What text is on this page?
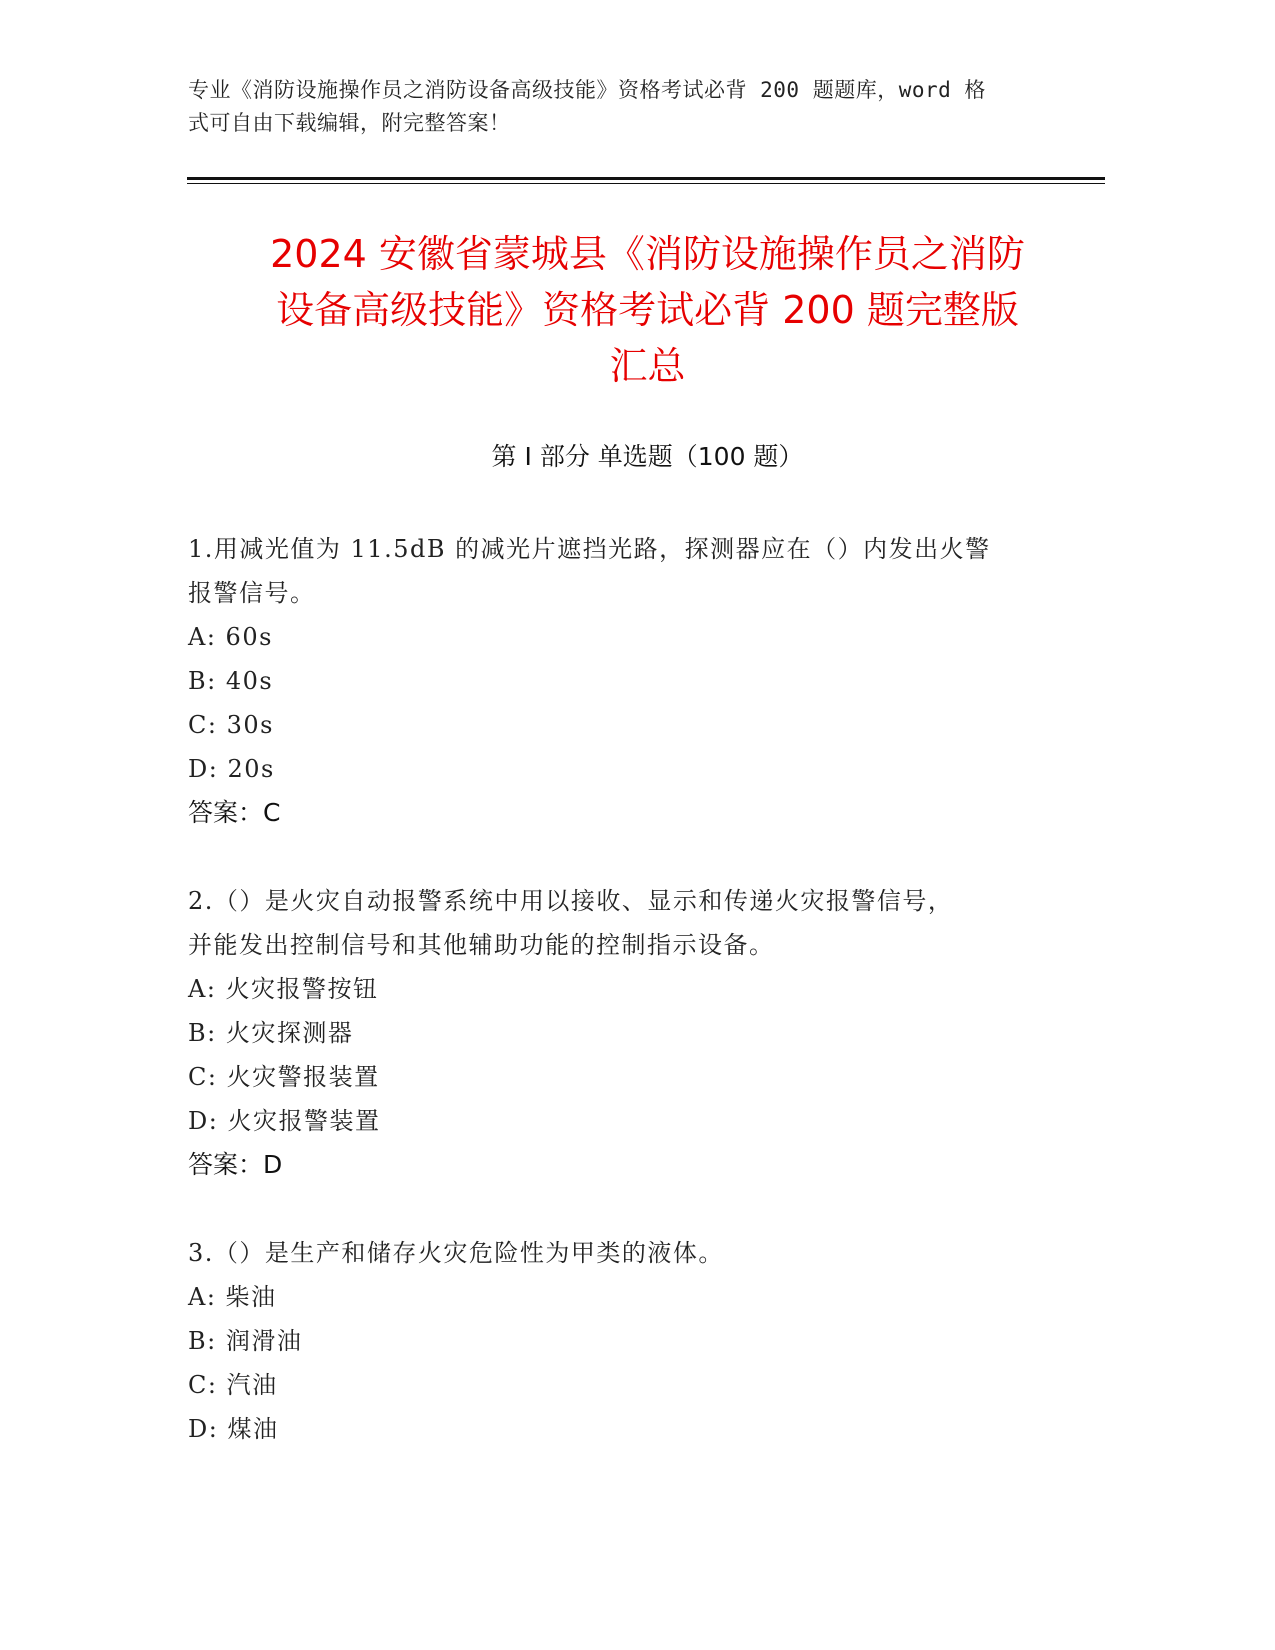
专业《消防设施操作员之消防设备高级技能》资格考试必背 200 题题库，word 格
式可自由下载编辑，附完整答案！
2024 安徽省蒙城县《消防设施操作员之消防
设备高级技能》资格考试必背 200 题完整版
汇总
第 I 部分 单选题（100 题）
1.用减光值为 11.5dB 的减光片遮挡光路，探测器应在（）内发出火警
报警信号。
A: 60s
B: 40s
C: 30s
D: 20s
答案：C
2.（）是火灾自动报警系统中用以接收、显示和传递火灾报警信号，
并能发出控制信号和其他辅助功能的控制指示设备。
A: 火灾报警按钮
B: 火灾探测器
C: 火灾警报装置
D: 火灾报警装置
答案：D
3.（）是生产和储存火灾危险性为甲类的液体。
A: 柴油
B: 润滑油
C: 汽油
D: 煤油
